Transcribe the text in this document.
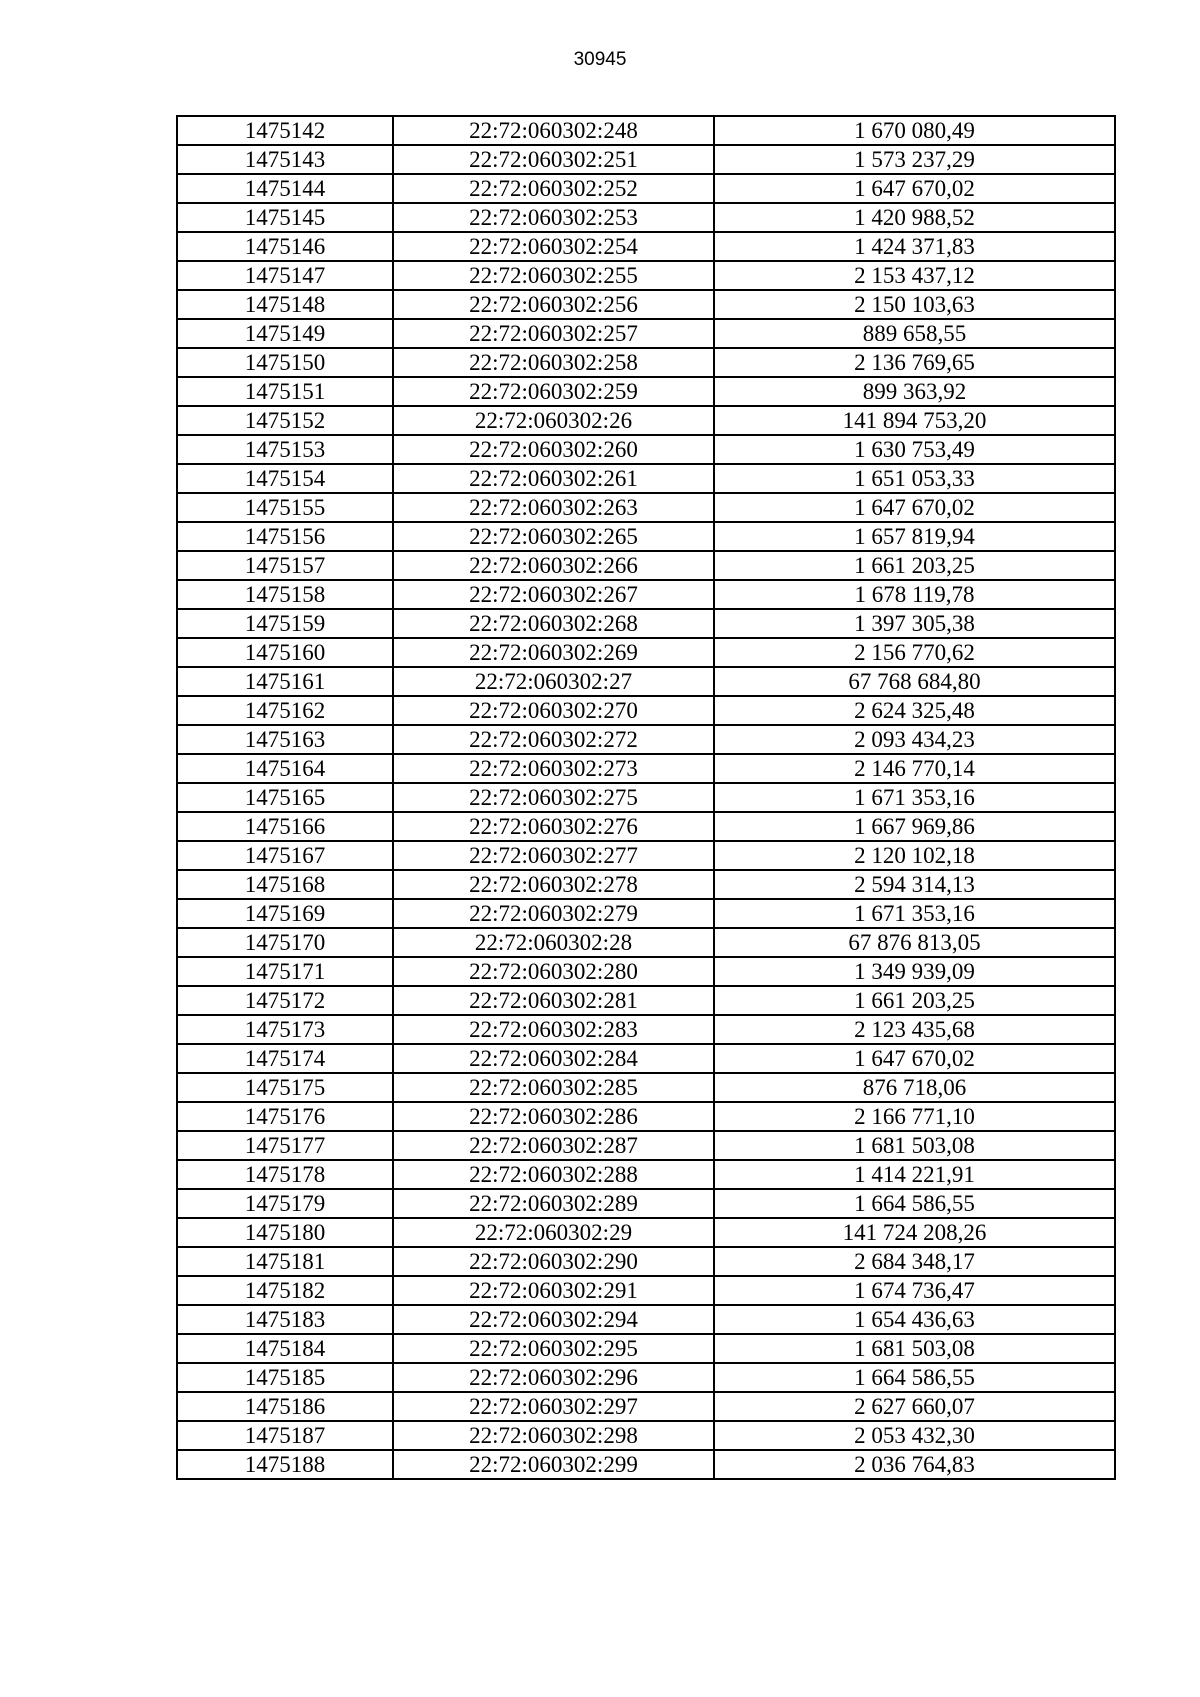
30945
1475142	22:72:060302:248	1 670 080,49
1475143	22:72:060302:251	1 573 237,29
1475144	22:72:060302:252	1 647 670,02
1475145	22:72:060302:253	1 420 988,52
1475146	22:72:060302:254	1 424 371,83
1475147	22:72:060302:255	2 153 437,12
1475148	22:72:060302:256	2 150 103,63
1475149	22:72:060302:257	889 658,55
1475150	22:72:060302:258	2 136 769,65
1475151	22:72:060302:259	899 363,92
1475152	22:72:060302:26	141 894 753,20
1475153	22:72:060302:260	1 630 753,49
1475154	22:72:060302:261	1 651 053,33
1475155	22:72:060302:263	1 647 670,02
1475156	22:72:060302:265	1 657 819,94
1475157	22:72:060302:266	1 661 203,25
1475158	22:72:060302:267	1 678 119,78
1475159	22:72:060302:268	1 397 305,38
1475160	22:72:060302:269	2 156 770,62
1475161	22:72:060302:27	67 768 684,80
1475162	22:72:060302:270	2 624 325,48
1475163	22:72:060302:272	2 093 434,23
1475164	22:72:060302:273	2 146 770,14
1475165	22:72:060302:275	1 671 353,16
1475166	22:72:060302:276	1 667 969,86
1475167	22:72:060302:277	2 120 102,18
1475168	22:72:060302:278	2 594 314,13
1475169	22:72:060302:279	1 671 353,16
1475170	22:72:060302:28	67 876 813,05
1475171	22:72:060302:280	1 349 939,09
1475172	22:72:060302:281	1 661 203,25
1475173	22:72:060302:283	2 123 435,68
1475174	22:72:060302:284	1 647 670,02
1475175	22:72:060302:285	876 718,06
1475176	22:72:060302:286	2 166 771,10
1475177	22:72:060302:287	1 681 503,08
1475178	22:72:060302:288	1 414 221,91
1475179	22:72:060302:289	1 664 586,55
1475180	22:72:060302:29	141 724 208,26
1475181	22:72:060302:290	2 684 348,17
1475182	22:72:060302:291	1 674 736,47
1475183	22:72:060302:294	1 654 436,63
1475184	22:72:060302:295	1 681 503,08
1475185	22:72:060302:296	1 664 586,55
1475186	22:72:060302:297	2 627 660,07
1475187	22:72:060302:298	2 053 432,30
1475188	22:72:060302:299	2 036 764,83
